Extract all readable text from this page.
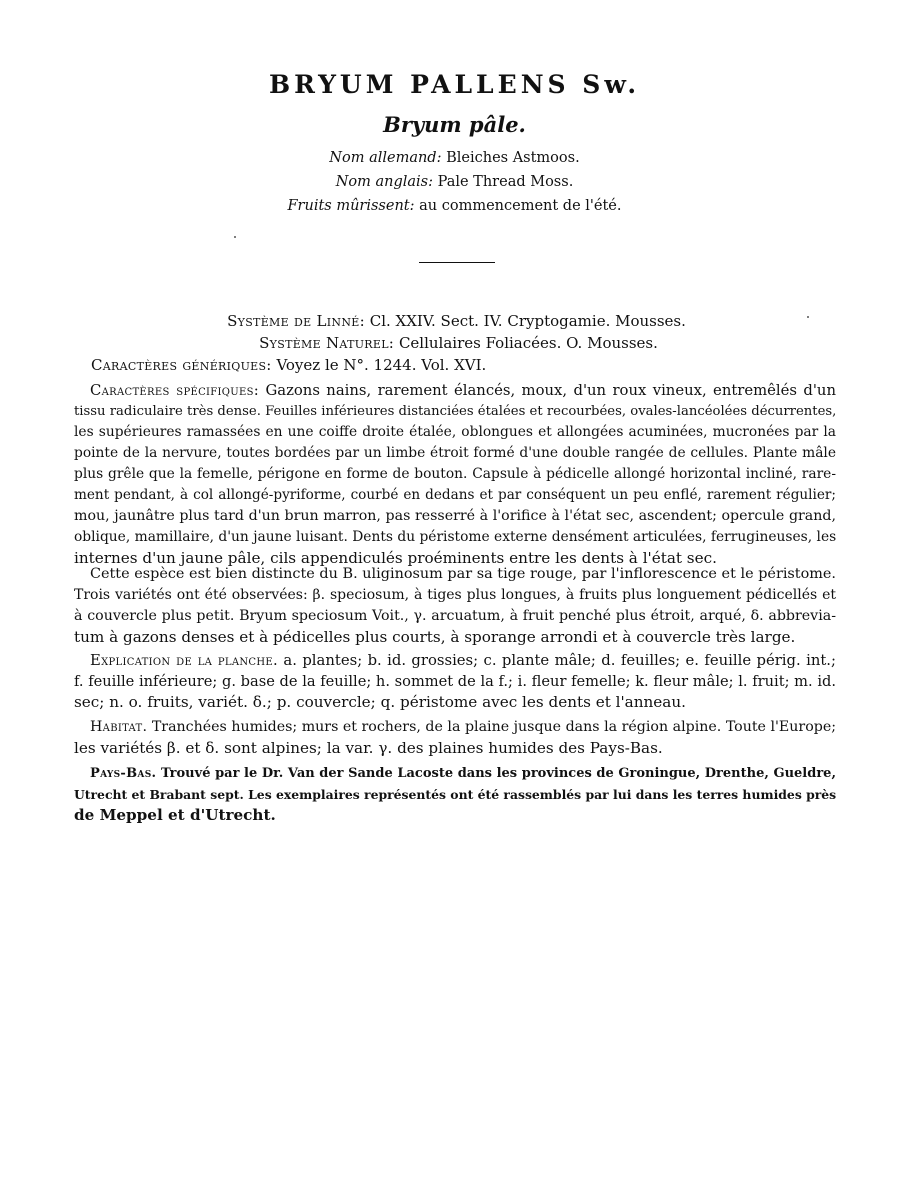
BRYUM PALLENS Sw.
Bryum pâle.
Nom allemand: Bleiches Astmoos.
Nom anglais: Pale Thread Moss.
Fruits mûrissent: au commencement de l'été.
Système de Linné: Cl. XXIV. Sect. IV. Cryptogamie. Mousses.
Système Naturel: Cellulaires Foliacées. O. Mousses.
Caractères génériques: Voyez le N°. 1244. Vol. XVI.
Caractères spécifiques: Gazons nains, rarement élancés, moux, d'un roux vineux, entremêlés d'un
tissu radiculaire très dense. Feuilles inférieures distanciées étalées et recourbées, ovales-lancéolées décurrentes,
les supérieures ramassées en une coiffe droite étalée, oblongues et allongées acuminées, mucronées par la
pointe de la nervure, toutes bordées par un limbe étroit formé d'une double rangée de cellules. Plante mâle
plus grêle que la femelle, périgone en forme de bouton. Capsule à pédicelle allongé horizontal incliné, rare-
ment pendant, à col allongé-pyriforme, courbé en dedans et par conséquent un peu enflé, rarement régulier;
mou, jaunâtre plus tard d'un brun marron, pas resserré à l'orifice à l'état sec, ascendent; opercule grand,
oblique, mamillaire, d'un jaune luisant. Dents du péristome externe densément articulées, ferrugineuses, les
internes d'un jaune pâle, cils appendiculés proéminents entre les dents à l'état sec.
Cette espèce est bien distincte du B. uliginosum par sa tige rouge, par l'inflorescence et le péristome.
Trois variétés ont été observées: β. speciosum, à tiges plus longues, à fruits plus longuement pédicellés et
à couvercle plus petit. Bryum speciosum Voit., γ. arcuatum, à fruit penché plus étroit, arqué, δ. abbrevia-
tum à gazons denses et à pédicelles plus courts, à sporange arrondi et à couvercle très large.
Explication de la planche. a. plantes; b. id. grossies; c. plante mâle; d. feuilles; e. feuille périg. int.;
f. feuille inférieure; g. base de la feuille; h. sommet de la f.; i. fleur femelle; k. fleur mâle; l. fruit; m. id.
sec; n. o. fruits, variét. δ.; p. couvercle; q. péristome avec les dents et l'anneau.
Habitat. Tranchées humides; murs et rochers, de la plaine jusque dans la région alpine. Toute l'Europe;
les variétés β. et δ. sont alpines; la var. γ. des plaines humides des Pays-Bas.
Pays-Bas. Trouvé par le Dr. Van der Sande Lacoste dans les provinces de Groningue, Drenthe, Gueldre,
Utrecht et Brabant sept. Les exemplaires représentés ont été rassemblés par lui dans les terres humides près
de Meppel et d'Utrecht.
